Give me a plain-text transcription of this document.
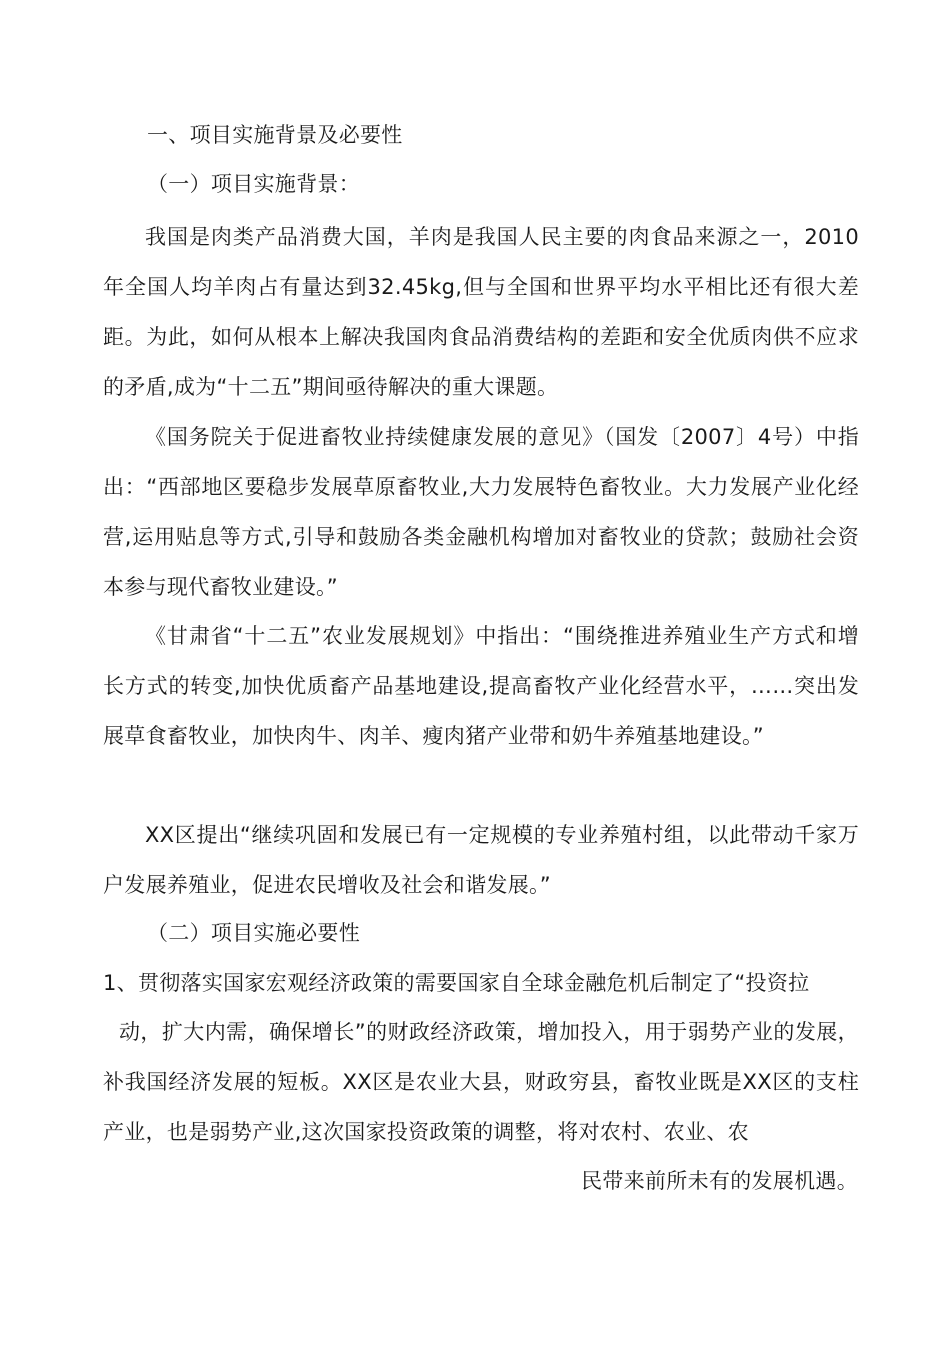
一、项目实施背景及必要性
（一）项目实施背景：

我国是肉类产品消费大国，羊肉是我国人民主要的肉食品来源之一，2010年全国人均羊肉占有量达到32.45kg,但与全国和世界平均水平相比还有很大差距。为此，如何从根本上解决我国肉食品消费结构的差距和安全优质肉供不应求的矛盾,成为“十二五”期间亟待解决的重大课题。

《国务院关于促进畜牧业持续健康发展的意见》（国发〔2007〕4号）中指出：“西部地区要稳步发展草原畜牧业,大力发展特色畜牧业。大力发展产业化经营,运用贴息等方式,引导和鼓励各类金融机构增加对畜牧业的贷款；鼓励社会资本参与现代畜牧业建设。”

《甘肃省“十二五”农业发展规划》中指出：“围绕推进养殖业生产方式和增长方式的转变,加快优质畜产品基地建设,提高畜牧产业化经营水平，……突出发展草食畜牧业，加快肉牛、肉羊、瘦肉猪产业带和奶牛养殖基地建设。”

XX区提出“继续巩固和发展已有一定规模的专业养殖村组，以此带动千家万户发展养殖业，促进农民增收及社会和谐发展。”

（二）项目实施必要性
1、贯彻落实国家宏观经济政策的需要国家自全球金融危机后制定了“投资拉

动，扩大内需，确保增长”的财政经济政策，增加投入，用于弱势产业的发展，补我国经济发展的短板。XX区是农业大县，财政穷县，畜牧业既是XX区的支柱产业，也是弱势产业,这次国家投资政策的调整，将对农村、农业、农

民带来前所未有的发展机遇。
